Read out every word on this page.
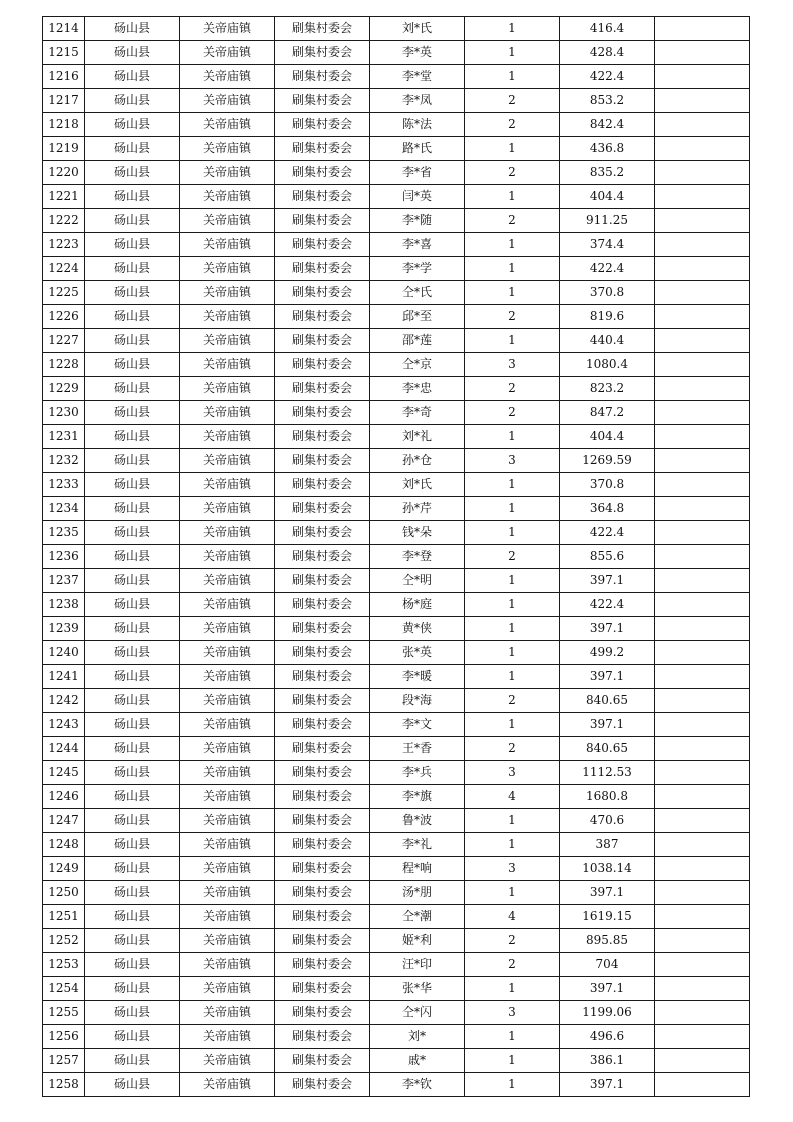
1214	砀山县	关帝庙镇	刷集村委会	刘*氏	1	416.4	
1215	砀山县	关帝庙镇	刷集村委会	李*英	1	428.4	
1216	砀山县	关帝庙镇	刷集村委会	李*堂	1	422.4	
1217	砀山县	关帝庙镇	刷集村委会	李*凤	2	853.2	
1218	砀山县	关帝庙镇	刷集村委会	陈*法	2	842.4	
1219	砀山县	关帝庙镇	刷集村委会	路*氏	1	436.8	
1220	砀山县	关帝庙镇	刷集村委会	李*省	2	835.2	
1221	砀山县	关帝庙镇	刷集村委会	闫*英	1	404.4	
1222	砀山县	关帝庙镇	刷集村委会	李*随	2	911.25	
1223	砀山县	关帝庙镇	刷集村委会	李*喜	1	374.4	
1224	砀山县	关帝庙镇	刷集村委会	李*学	1	422.4	
1225	砀山县	关帝庙镇	刷集村委会	仝*氏	1	370.8	
1226	砀山县	关帝庙镇	刷集村委会	邱*至	2	819.6	
1227	砀山县	关帝庙镇	刷集村委会	邵*莲	1	440.4	
1228	砀山县	关帝庙镇	刷集村委会	仝*京	3	1080.4	
1229	砀山县	关帝庙镇	刷集村委会	李*忠	2	823.2	
1230	砀山县	关帝庙镇	刷集村委会	李*奇	2	847.2	
1231	砀山县	关帝庙镇	刷集村委会	刘*礼	1	404.4	
1232	砀山县	关帝庙镇	刷集村委会	孙*仓	3	1269.59	
1233	砀山县	关帝庙镇	刷集村委会	刘*氏	1	370.8	
1234	砀山县	关帝庙镇	刷集村委会	孙*芹	1	364.8	
1235	砀山县	关帝庙镇	刷集村委会	钱*朵	1	422.4	
1236	砀山县	关帝庙镇	刷集村委会	李*登	2	855.6	
1237	砀山县	关帝庙镇	刷集村委会	仝*明	1	397.1	
1238	砀山县	关帝庙镇	刷集村委会	杨*庭	1	422.4	
1239	砀山县	关帝庙镇	刷集村委会	黄*侠	1	397.1	
1240	砀山县	关帝庙镇	刷集村委会	张*英	1	499.2	
1241	砀山县	关帝庙镇	刷集村委会	李*暖	1	397.1	
1242	砀山县	关帝庙镇	刷集村委会	段*海	2	840.65	
1243	砀山县	关帝庙镇	刷集村委会	李*文	1	397.1	
1244	砀山县	关帝庙镇	刷集村委会	王*香	2	840.65	
1245	砀山县	关帝庙镇	刷集村委会	李*兵	3	1112.53	
1246	砀山县	关帝庙镇	刷集村委会	李*旗	4	1680.8	
1247	砀山县	关帝庙镇	刷集村委会	鲁*波	1	470.6	
1248	砀山县	关帝庙镇	刷集村委会	李*礼	1	387	
1249	砀山县	关帝庙镇	刷集村委会	程*响	3	1038.14	
1250	砀山县	关帝庙镇	刷集村委会	汤*朋	1	397.1	
1251	砀山县	关帝庙镇	刷集村委会	仝*潮	4	1619.15	
1252	砀山县	关帝庙镇	刷集村委会	姬*利	2	895.85	
1253	砀山县	关帝庙镇	刷集村委会	汪*印	2	704	
1254	砀山县	关帝庙镇	刷集村委会	张*华	1	397.1	
1255	砀山县	关帝庙镇	刷集村委会	仝*闪	3	1199.06	
1256	砀山县	关帝庙镇	刷集村委会	刘*	1	496.6	
1257	砀山县	关帝庙镇	刷集村委会	戚*	1	386.1	
1258	砀山县	关帝庙镇	刷集村委会	李*钦	1	397.1	
